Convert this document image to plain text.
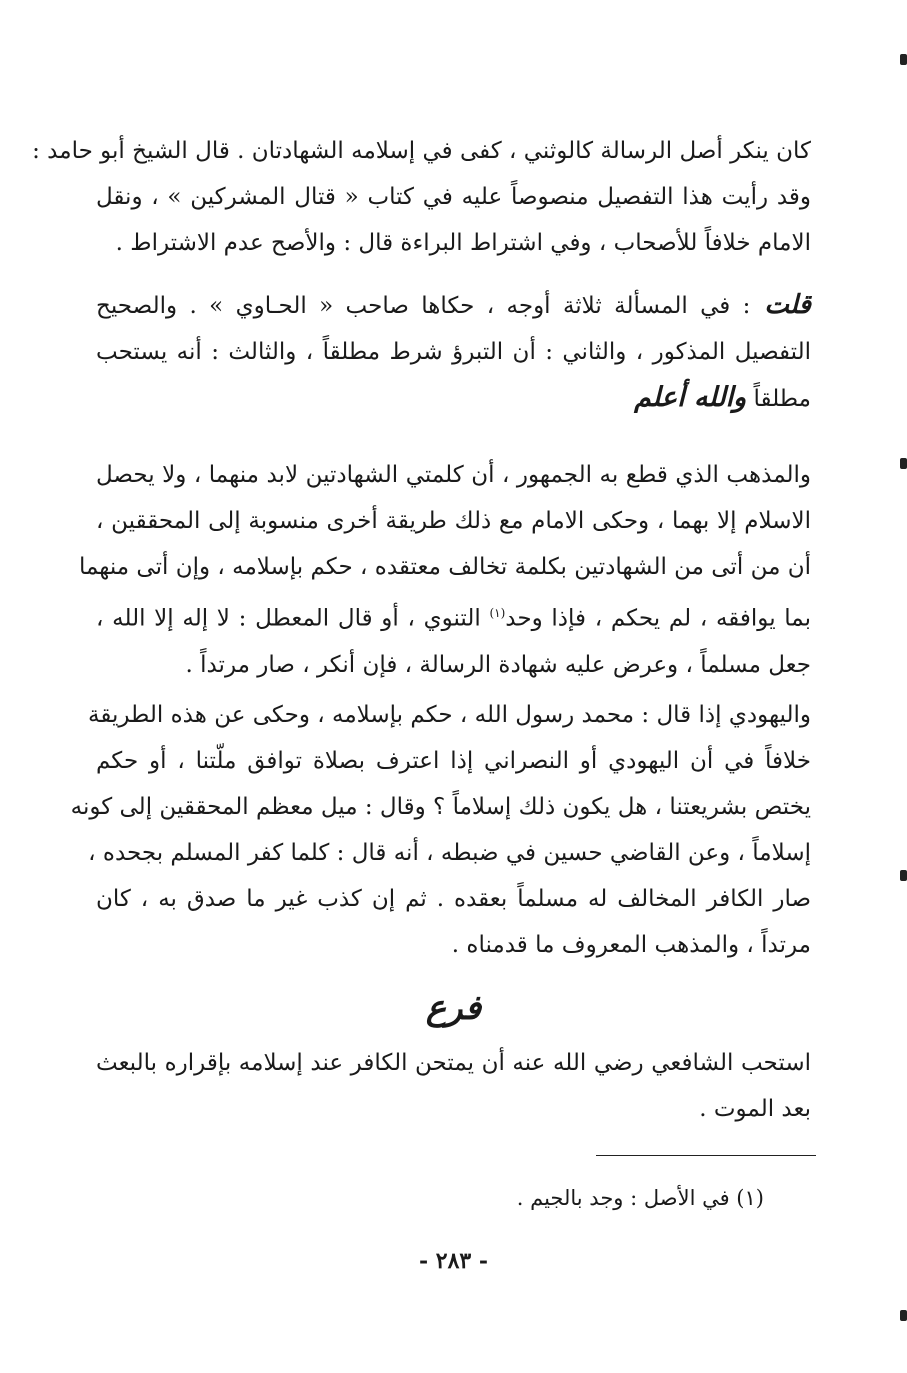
كان ينكر أصل الرسالة كالوثني ، كفى في إسلامه الشهادتان . قال الشيخ أبو حامد :
وقد رأيت هذا التفصيل منصوصاً عليه في كتاب « قتال المشركين » ، ونقل
الامام خلافاً للأصحاب ، وفي اشتراط البراءة قال : والأصح عدم الاشتراط .
قلت: في المسألة ثلاثة أوجه ، حكاها صاحب « الحـاوي » . والصحيح
التفصيل المذكور ، والثاني : أن التبرؤ شرط مطلقاً ، والثالث : أنه يستحب
مطلقاً والله أعلم
والمذهب الذي قطع به الجمهور ، أن كلمتي الشهادتين لابد منهما ، ولا يحصل
الاسلام إلا بهما ، وحكى الامام مع ذلك طريقة أخرى منسوبة إلى المحققين ،
أن من أتى من الشهادتين بكلمة تخالف معتقده ، حكم بإسلامه ، وإن أتى منهما
بما يوافقه ، لم يحكم ، فإذا وحد$^{(١)}$ التنوي ، أو قال المعطل : لا إله إلا الله ،
جعل مسلماً ، وعرض عليه شهادة الرسالة ، فإن أنكر ، صار مرتداً .
واليهودي إذا قال : محمد رسول الله ، حكم بإسلامه ، وحكى عن هذه الطريقة
خلافاً في أن اليهودي أو النصراني إذا اعترف بصلاة توافق ملّتنا ، أو حكم
يختص بشريعتنا ، هل يكون ذلك إسلاماً ؟ وقال : ميل معظم المحققين إلى كونه
إسلاماً ، وعن القاضي حسين في ضبطه ، أنه قال : كلما كفر المسلم بجحده ،
صار الكافر المخالف له مسلماً بعقده . ثم إن كذب غير ما صدق به ، كان
مرتداً ، والمذهب المعروف ما قدمناه .
فرع
استحب الشافعي رضي الله عنه أن يمتحن الكافر عند إسلامه بإقراره بالبعث
بعد الموت .
(١) في الأصل : وجد بالجيم .
- ٢٨٣ -
